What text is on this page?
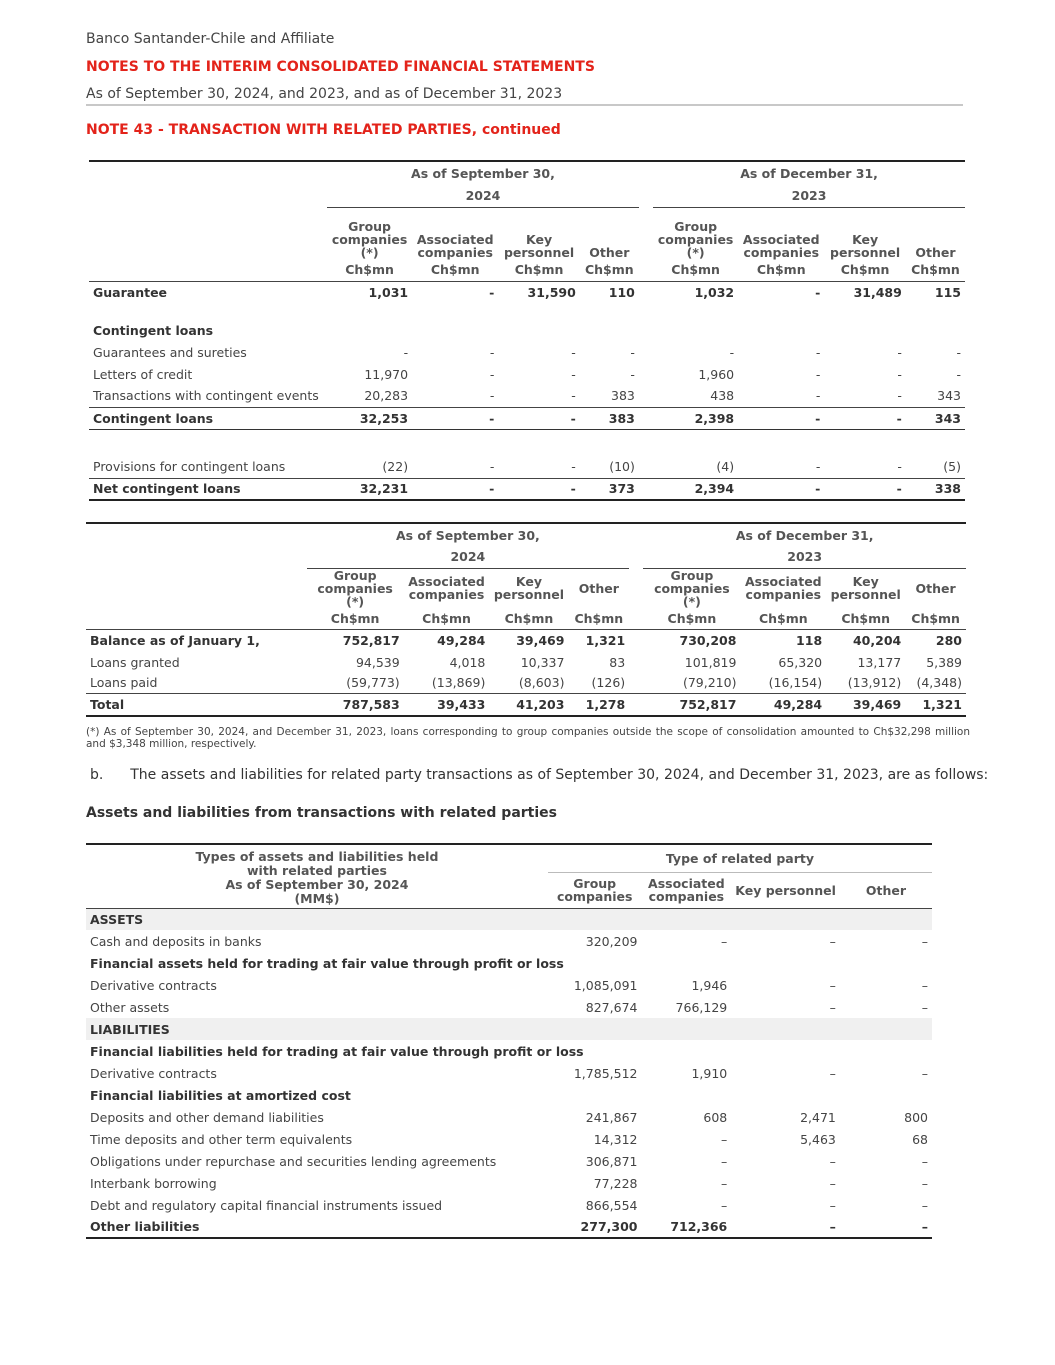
Banco Santander-Chile and Affiliate
NOTES TO THE INTERIM CONSOLIDATED FINANCIAL STATEMENTS
As of September 30, 2024, and 2023, and as of December 31, 2023
NOTE 43 - TRANSACTION WITH RELATED PARTIES, continued
	As of September 30,					As of December 31,			
	2024					2023			
	Group companies (*)	Associated companies	Key personnel	Other		Group companies (*)	Associated companies	Key personnel	Other
	Ch$mn	Ch$mn	Ch$mn	Ch$mn		Ch$mn	Ch$mn	Ch$mn	Ch$mn
Guarantee	1,031	-	31,590	110		1,032	-	31,489	115

Contingent loans									
Guarantees and sureties	-	-	-	-		-	-	-	-
Letters of credit	11,970	-	-	-		1,960	-	-	-
Transactions with contingent events	20,283	-	-	383		438	-	-	343
Contingent loans	32,253	-	-	383		2,398	-	-	343

Provisions for contingent loans	(22)	-	-	(10)		(4)	-	-	(5)
Net contingent loans	32,231	-	-	373		2,394	-	-	338
	As of September 30,					As of December 31,			
	2024					2023			
	Group companies (*)	Associated companies	Key personnel	Other		Group companies (*)	Associated companies	Key personnel	Other
	Ch$mn	Ch$mn	Ch$mn	Ch$mn		Ch$mn	Ch$mn	Ch$mn	Ch$mn
Balance as of January 1,	752,817	49,284	39,469	1,321		730,208	118	40,204	280
Loans granted	94,539	4,018	10,337	83		101,819	65,320	13,177	5,389
Loans paid	(59,773)	(13,869)	(8,603)	(126)		(79,210)	(16,154)	(13,912)	(4,348)
Total	787,583	39,433	41,203	1,278		752,817	49,284	39,469	1,321
(*) As of September 30, 2024, and December 31, 2023, loans corresponding to group companies outside the scope of consolidation amounted to Ch$32,298 million and $3,348 million, respectively.
b. The assets and liabilities for related party transactions as of September 30, 2024, and December 31, 2023, are as follows:
Assets and liabilities from transactions with related parties
Types of assets and liabilities held
with related parties
As of September 30, 2024
(MM$)	Type of related party			
	Group companies	Associated companies	Key personnel	Other
ASSETS				
Cash and deposits in banks	320,209	–	–	–
Financial assets held for trading at fair value through profit or loss				
Derivative contracts	1,085,091	1,946	–	–
Other assets	827,674	766,129	–	–
LIABILITIES				
Financial liabilities held for trading at fair value through profit or loss				
Derivative contracts	1,785,512	1,910	–	–
Financial liabilities at amortized cost				
Deposits and other demand liabilities	241,867	608	2,471	800
Time deposits and other term equivalents	14,312	–	5,463	68
Obligations under repurchase and securities lending agreements	306,871	–	–	–
Interbank borrowing	77,228	–	–	–
Debt and regulatory capital financial instruments issued	866,554	–	–	–
Other liabilities	277,300	712,366	–	–
